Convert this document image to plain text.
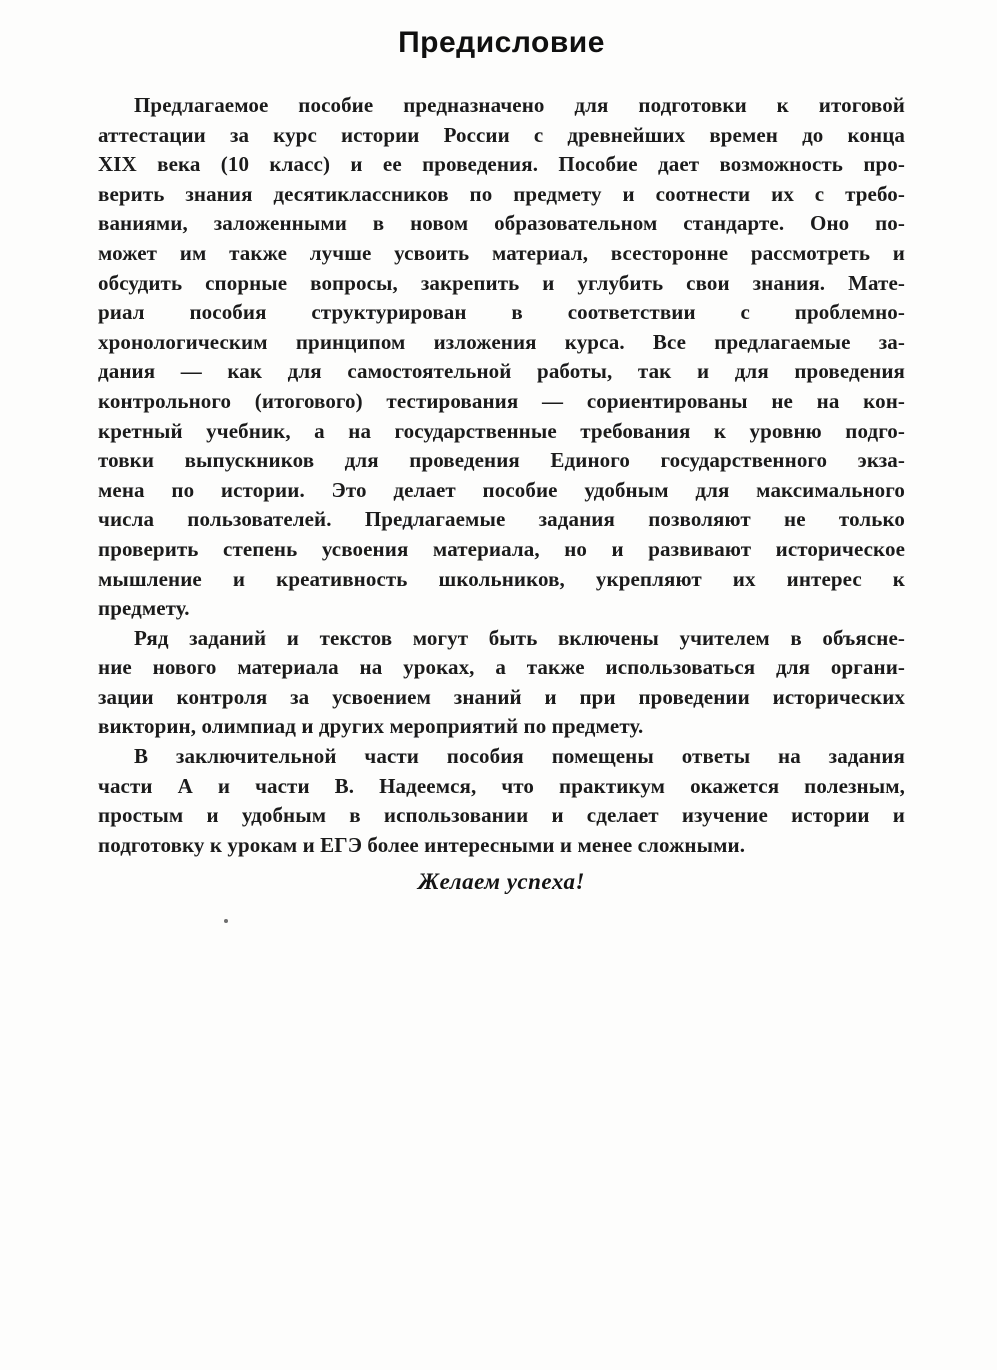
Предисловие
Предлагаемое пособие предназначено для подготовки к итоговой
аттестации за курс истории России с древнейших времен до конца
XIX века (10 класс) и ее проведения. Пособие дает возможность про-
верить знания десятиклассников по предмету и соотнести их с требо-
ваниями, заложенными в новом образовательном стандарте. Оно по-
может им также лучше усвоить материал, всесторонне рассмотреть и
обсудить спорные вопросы, закрепить и углубить свои знания. Мате-
риал пособия структурирован в соответствии с проблемно-
хронологическим принципом изложения курса. Все предлагаемые за-
дания — как для самостоятельной работы, так и для проведения
контрольного (итогового) тестирования — сориентированы не на кон-
кретный учебник, а на государственные требования к уровню подго-
товки выпускников для проведения Единого государственного экза-
мена по истории. Это делает пособие удобным для максимального
числа пользователей. Предлагаемые задания позволяют не только
проверить степень усвоения материала, но и развивают историческое
мышление и креативность школьников, укрепляют их интерес к
предмету.
Ряд заданий и текстов могут быть включены учителем в объясне-
ние нового материала на уроках, а также использоваться для органи-
зации контроля за усвоением знаний и при проведении исторических
викторин, олимпиад и других мероприятий по предмету.
В заключительной части пособия помещены ответы на задания
части А и части В. Надеемся, что практикум окажется полезным,
простым и удобным в использовании и сделает изучение истории и
подготовку к урокам и ЕГЭ более интересными и менее сложными.
Желаем успеха!
